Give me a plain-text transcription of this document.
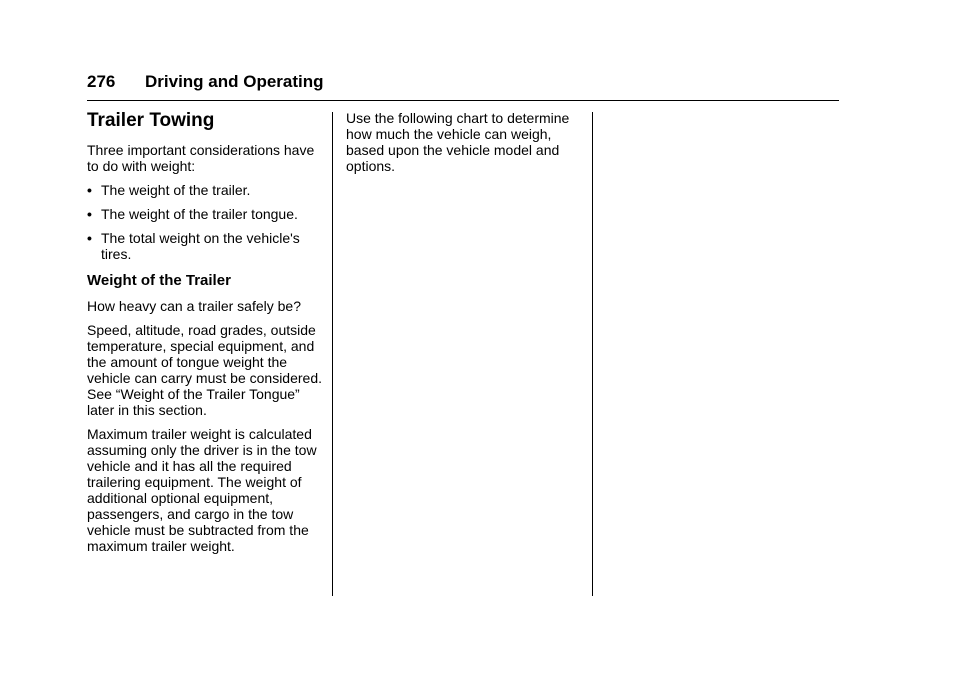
276 Driving and Operating
Trailer Towing

Three important considerations have to do with weight:

• The weight of the trailer.
• The weight of the trailer tongue.
• The total weight on the vehicle's tires.
Weight of the Trailer

How heavy can a trailer safely be?

Speed, altitude, road grades, outside temperature, special equipment, and the amount of tongue weight the vehicle can carry must be considered. See “Weight of the Trailer Tongue” later in this section.

Maximum trailer weight is calculated assuming only the driver is in the tow vehicle and it has all the required trailering equipment. The weight of additional optional equipment, passengers, and cargo in the tow vehicle must be subtracted from the maximum trailer weight.

Use the following chart to determine how much the vehicle can weigh, based upon the vehicle model and options.
